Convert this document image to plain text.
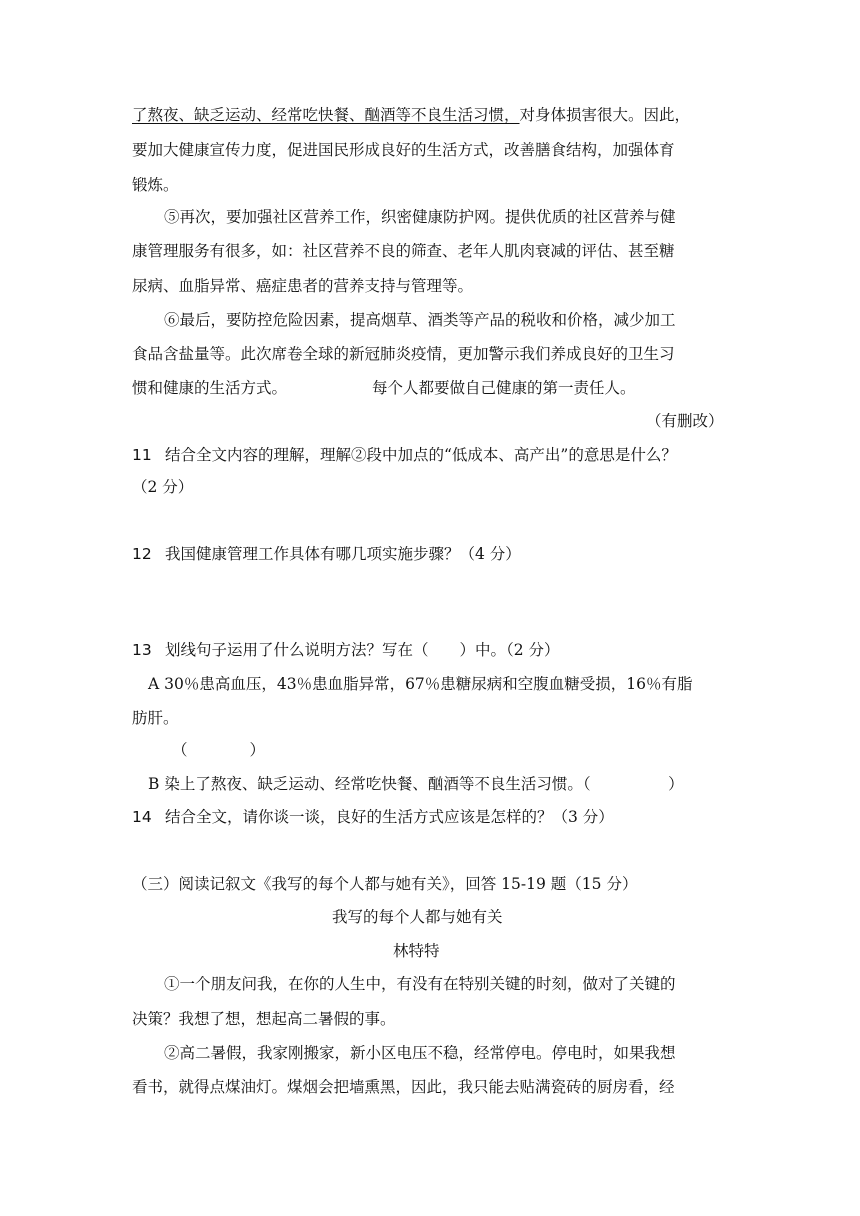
了熬夜、缺乏运动、经常吃快餐、酗酒等不良生活习惯，对身体损害很大。因此，
要加大健康宣传力度，促进国民形成良好的生活方式，改善膳食结构，加强体育
锻炼。
⑤再次，要加强社区营养工作，织密健康防护网。提供优质的社区营养与健
康管理服务有很多，如：社区营养不良的筛查、老年人肌肉衰减的评估、甚至糖
尿病、血脂异常、癌症患者的营养支持与管理等。
⑥最后，要防控危险因素，提高烟草、酒类等产品的税收和价格，减少加工
食品含盐量等。此次席卷全球的新冠肺炎疫情，更加警示我们养成良好的卫生习
惯和健康的生活方式。	每个人都要做自己健康的第一责任人。
（有删改）
11 结合全文内容的理解，理解②段中加点的“低成本、高产出”的意思是什么？
（2 分）
12 我国健康管理工作具体有哪几项实施步骤？（4 分）
13 划线句子运用了什么说明方法？写在（　　）中。（2 分）
A 30％患高血压，43％患血脂异常，67％患糖尿病和空腹血糖受损，16％有脂
肪肝。
（　　　　）
B 染上了熬夜、缺乏运动、经常吃快餐、酗酒等不良生活习惯。（　　　　　）
14 结合全文，请你谈一谈，良好的生活方式应该是怎样的？（3 分）
（三）阅读记叙文《我写的每个人都与她有关》，回答 15-19 题（15 分）
我写的每个人都与她有关
林特特
①一个朋友问我，在你的人生中，有没有在特别关键的时刻，做对了关键的
决策？我想了想，想起高二暑假的事。
②高二暑假，我家刚搬家，新小区电压不稳，经常停电。停电时，如果我想
看书，就得点煤油灯。煤烟会把墙熏黑，因此，我只能去贴满瓷砖的厨房看，经
